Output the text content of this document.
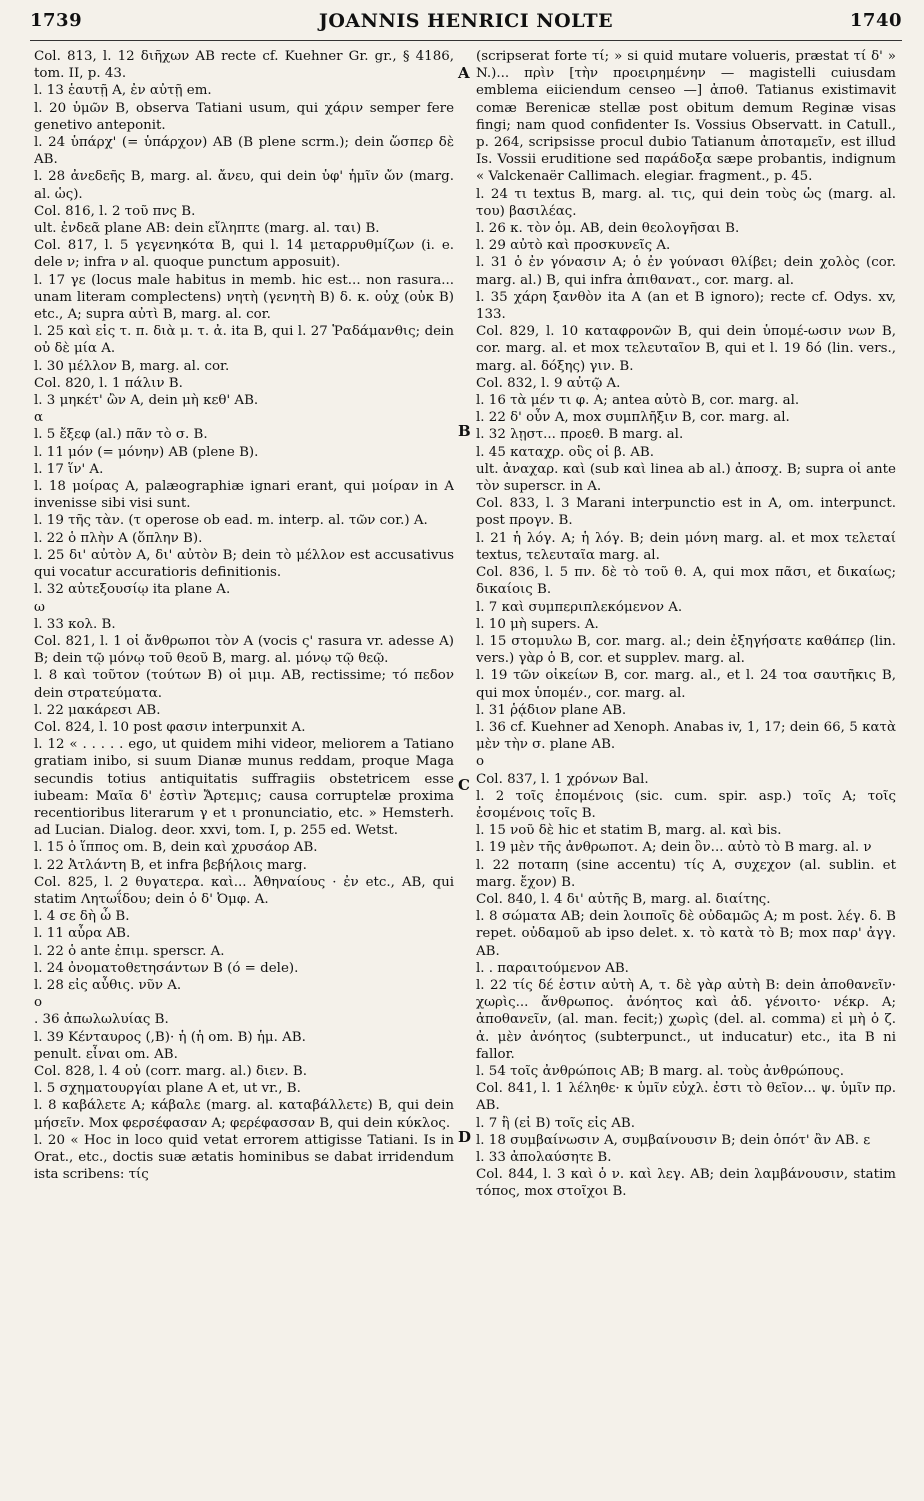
1739	JOANNIS HENRICI NOLTE	1740
A
B
C
D

Col. 813, l. 12 διῆχων AB recte cf. Kuehner Gr. gr., § 4186, tom. II, p. 43.

l. 13 ἑαυτῇ A, ἐν αὐτῇ em.

l. 20 ὑμῶν B, observa Tatiani usum, qui χάριν semper fere genetivo anteponit.

l. 24 ὑπάρχ' (= ὑπάρχον) AB (B plene scrm.); dein ὥσπερ δὲ AB.

l. 28 ἀνεδεῆς B, marg. al. ἄνευ, qui dein ὑφ' ἡμῖν ὤν (marg. al. ὡς).

Col. 816, l. 2 τοῦ πνς B.

ult. ἐνδεᾶ plane AB: dein εἴληπτε (marg. al. ται) B.

Col. 817, l. 5 γεγενηκότα B, qui l. 14 μεταρρυθμίζων (i. e. dele ν; infra ν al. quoque punctum apposuit).

l. 17 γε (locus male habitus in memb. hic est... non rasura... unam literam complectens) νητὴ (γενητὴ B) δ. κ. οὐχ (οὐκ B) etc., A; supra αὐτὶ B, marg. al. cor.

l. 25 καὶ εἰς τ. π. διὰ μ. τ. ἀ. ita B, qui l. 27 Ῥαδάμανθις; dein οὐ δὲ μία A.

l. 30 μέλλον B, marg. al. cor.

Col. 820, l. 1 πάλιν B.

l. 3 μηκέτ' ὢν A, dein μὴ κεθ' AB.

α

l. 5 ἔξεφ (al.) πᾶν τὸ σ. B.

l. 11 μόν (= μόνην) AB (plene B).

l. 17 ἵν' A.

l. 18 μοίρας A, palæographiæ ignari erant, qui μοίραν in A invenisse sibi visi sunt.

l. 19 τῆς τὰν. (τ operose ob ead. m. interp. al. τῶν cor.) A.

l. 22 ὁ πλὴν A (ὅπλην B).

l. 25 δι' αὐτὸν A, δι' αὐτὸν B; dein τὸ μέλλον est accusativus qui vocatur accuratioris definitionis.

l. 32 αὐτεξουσίῳ ita plane A.

ω

l. 33 κολ. B.

Col. 821, l. 1 οἱ ἄνθρωποι τὸν A (vocis ς' rasura vr. adesse A) B; dein τῷ μόνῳ τοῦ θεοῦ B, marg. al. μόνῳ τῷ θεῷ.

l. 8 καὶ τοῦτον (τούτων B) οἱ μιμ. AB, rectissime; τό πεδον dein στρατεύματα.

l. 22 μακάρεσι AB.

Col. 824, l. 10 post φασιν interpunxit A.

l. 12 « . . . . . ego, ut quidem mihi videor, meliorem a Tatiano gratiam inibo, si suum Dianæ munus reddam, proque Maga secundis totius antiquitatis suffragiis obstetricem esse iubeam: Μαῖα δ' ἐστὶν Ἄρτεμις; causa corruptelæ proxima recentioribus literarum γ et ι pronunciatio, etc. » Hemsterh. ad Lucian. Dialog. deor. xxvi, tom. I, p. 255 ed. Wetst.

l. 15 ὁ ἵππος om. B, dein καὶ χρυσάορ AB.

l. 22 Ἀτλάντη B, et infra βεβήλοις marg.

Col. 825, l. 2 θυγατερα. καὶ... Ἀθηναίους · ἐν etc., AB, qui statim Λητωΐδου; dein ὁ δ' Ὀμφ. A.

l. 4 σε δὴ ὦ B.

l. 11 αὖρα AB.

l. 22 ὁ ante ἐπιμ. sperscr. A.

l. 24 ὀνοματοθετησάντων B (ό = dele).

l. 28 εἰς αὖθις. νῦν A.

ο

. 36 ἀπωλωλυίας B.

l. 39 Κένταυρος (,B)· ἡ (ἡ om. B) ἡμ. AB.

penult. εἶναι om. AB.

Col. 828, l. 4 οὐ (corr. marg. al.) διεν. B.

l. 5 σχηματουργίαι plane A et, ut vr., B.

l. 8 καβάλετε A; κάβαλε (marg. al. καταβάλλετε) B, qui dein μήσεῖν. Mox φερσέφασαν A; φερέφασσαν B, qui dein κύκλος.

l. 20 « Hoc in loco quid vetat errorem attigisse Tatiani. Is in Orat., etc., doctis suæ ætatis hominibus se dabat irridendum ista scribens: τίς

(scripserat forte τί; » si quid mutare volueris, præstat τί δ' » N.)... πρὶν [τὴν προειρημένην — magistelli cuiusdam emblema eiiciendum censeo —] ἀποθ. Tatianus existimavit comæ Berenicæ stellæ post obitum demum Reginæ visas fingi; nam quod confidenter Is. Vossius Observatt. in Catull., p. 264, scripsisse procul dubio Tatianum ἀποταμεῖν, est illud Is. Vossii eruditione sed παράδοξα sæpe probantis, indignum « Valckenaër Callimach. elegiar. fragment., p. 45.

l. 24 τι textus B, marg. al. τις, qui dein τοὺς ὡς (marg. al. του) βασιλέας.

l. 26 κ. τὸν ὁμ. AB, dein θεολογῆσαι B.

l. 29 αὐτὸ καὶ προσκυνεῖς A.

l. 31 ὁ ἐν γόνασιν A; ὁ ἐν γούνασι θλίβει; dein χολὸς (cor. marg. al.) B, qui infra ἀπιθανατ., cor. marg. al.

l. 35 χάρη ξανθὸν ita A (an et B ignoro); recte cf. Odys. xv, 133.

Col. 829, l. 10 καταφρονῶν B, qui dein ὑπομέ-ωσιν νων B, cor. marg. al. et mox τελευταῖον B, qui et l. 19 δό (lin. vers., marg. al. δόξης) γιν. B.

Col. 832, l. 9 αὐτῷ A.

l. 16 τὰ μέν τι φ. A; antea αὐτὸ B, cor. marg. al.

l. 22 δ' οὖν A, mox συμπλῆξιν B, cor. marg. al.

l. 32 λῃστ... προεθ. B marg. al.

l. 45 καταχρ. οὓς οἱ β. AB.

ult. ἀναχαρ. καὶ (sub καὶ linea ab al.) ἀποσχ. B; supra οἱ ante τὸν superscr. in A.

Col. 833, l. 3 Marani interpunctio est in A, om. interpunct. post προγν. B.

l. 21 ἡ λόγ. A; ἡ λόγ. B; dein μόνη marg. al. et mox τελεταί textus, τελευταῖα marg. al.

Col. 836, l. 5 πν. δὲ τὸ τοῦ θ. A, qui mox πᾶσι, et δικαίως; δικαίοις B.

l. 7 καὶ συμπεριπλεκόμενον A.

l. 10 μὴ supers. A.

l. 15 στομυλω B, cor. marg. al.; dein ἐξηγήσατε καθάπερ (lin. vers.) γὰρ ὁ B, cor. et supplev. marg. al.

l. 19 τῶν οἰκείων B, cor. marg. al., et l. 24 τοα σαυτῆκις B, qui mox ὑπομέν., cor. marg. al.

l. 31 ῥᾴδιον plane AB.

l. 36 cf. Kuehner ad Xenoph. Anabas iv, 1, 17; dein 66, 5 κατὰ μὲν τὴν σ. plane AB.

ο

Col. 837, l. 1 χρόνων Bal.

l. 2 τοῖς ἐπομένοις (sic. cum. spir. asp.) τοῖς A; τοῖς ἐσομένοις τοῖς B.

l. 15 νοῦ δὲ hic et statim B, marg. al. καὶ bis.

l. 19 μὲν τῆς ἀνθρωποτ. A; dein ὂν... αὐτὸ τὸ B marg. al. ν

l. 22 ποταπη (sine accentu) τίς A, συχεχον (al. sublin. et marg. ἔχον) B.

Col. 840, l. 4 δι' αὐτῆς B, marg. al. διαίτης.

l. 8 σώματα AB; dein λοιποῖς δὲ οὐδαμῶς A; m post. λέγ. δ. B repet. οὐδαμοῦ ab ipso delet. x. τὸ κατὰ τὸ B; mox παρ' ἀγγ. AB.

l. . παραιτούμενον AB.

l. 22 τίς δέ ἐστιν αὐτὴ A, τ. δὲ γὰρ αὐτὴ B: dein ἀποθανεῖν· χωρὶς... ἄνθρωπος. ἀνόητος καὶ ἀδ. γένοιτο· νέκρ. A; ἀποθανεῖν, (al. man. fecit;) χωρὶς (del. al. comma) εἰ μὴ ὁ ζ. ἀ. μὲν ἀνόητος (subterpunct., ut inducatur) etc., ita B ni fallor.

l. 54 τοῖς ἀνθρώποις AB; B marg. al. τοὺς ἀνθρώπους.

Col. 841, l. 1 λέληθε· κ ὑμῖν εὐχλ. ἐστι τὸ θεῖον... ψ. ὑμῖν πρ. AB.

l. 7 ἢ (εἰ B) τοῖς εἰς AB.

l. 18 συμβαίνωσιν A, συμβαίνουσιν B; dein ὁπότ' ἂν AB. ε

l. 33 ἀπολαύσητε B.

Col. 844, l. 3 καὶ ὁ ν. καὶ λεγ. AB; dein λαμβάνουσιν, statim τόπος, mox στοῖχοι B.
